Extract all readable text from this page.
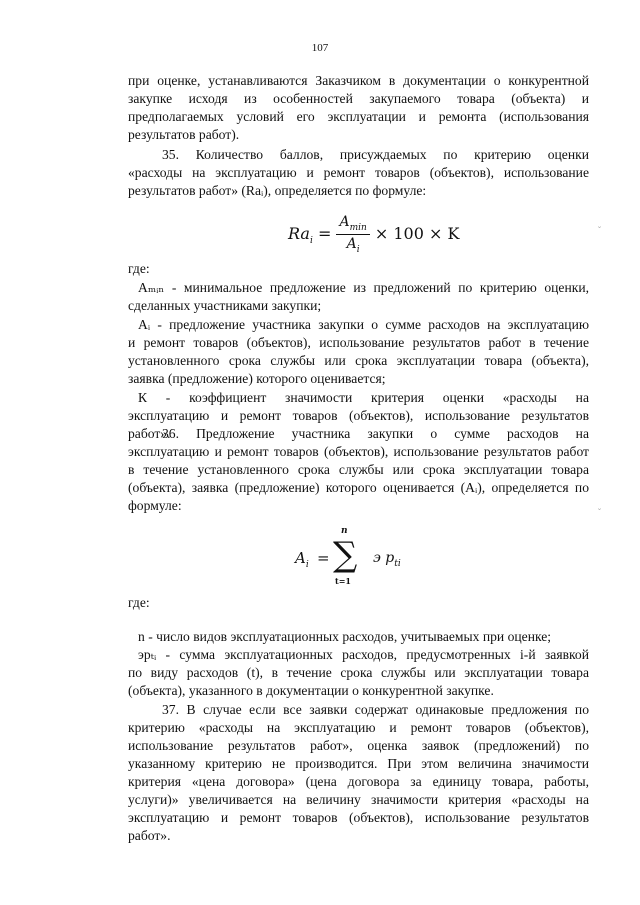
107
при оценке, устанавливаются Заказчиком в документации о конкурентной
закупке исходя из особенностей закупаемого товара (объекта) и
предполагаемых условий его эксплуатации и ремонта (использования
результатов работ).
35. Количество баллов, присуждаемых по критерию оценки
«расходы на эксплуатацию и ремонт товаров (объектов), использование
результатов работ» (Raᵢ), определяется по формуле:
$Ra_i = \frac{A_{min}}{A_i} \times 100 \times K$	˘
где:
Aₘᵢₙ - минимальное предложение из предложений по критерию оценки,
сделанных участниками закупки;
Aᵢ - предложение участника закупки о сумме расходов на эксплуатацию
и ремонт товаров (объектов), использование результатов работ в течение
установленного срока службы или срока эксплуатации товара (объекта),
заявка (предложение) которого оценивается;
К - коэффициент значимости критерия оценки «расходы на
эксплуатацию и ремонт товаров (объектов), использование результатов
работ».
36. Предложение участника закупки о сумме расходов на
эксплуатацию и ремонт товаров (объектов), использование результатов работ
в течение установленного срока службы или срока эксплуатации товара
(объекта), заявка (предложение) которого оценивается (Aᵢ), определяется по
формуле:	˘
$A_i$ = ∑
n
t=1
э $р_{ti}$
где:
n - число видов эксплуатационных расходов, учитываемых при оценке;
эрₜᵢ - сумма эксплуатационных расходов, предусмотренных i-й заявкой
по виду расходов (t), в течение срока службы или эксплуатации товара
(объекта), указанного в документации о конкурентной закупке.
37. В случае если все заявки содержат одинаковые предложения по
критерию «расходы на эксплуатацию и ремонт товаров (объектов),
использование результатов работ», оценка заявок (предложений) по
указанному критерию не производится. При этом величина значимости
критерия «цена договора» (цена договора за единицу товара, работы,
услуги)» увеличивается на величину значимости критерия «расходы на
эксплуатацию и ремонт товаров (объектов), использование результатов
работ».
